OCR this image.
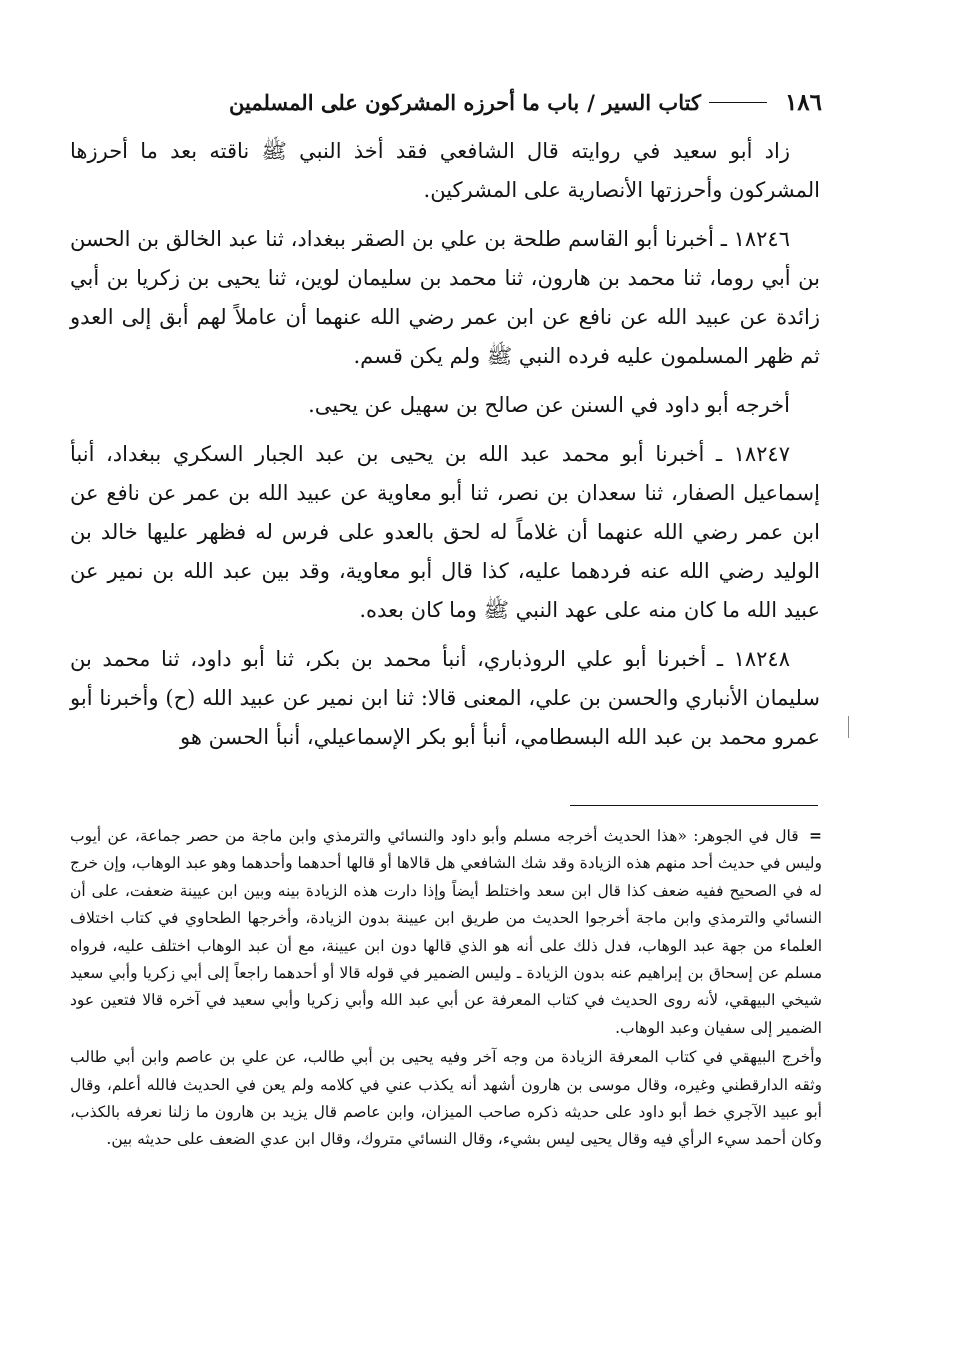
١٨٦
كتاب السير /
باب ما أحرزه المشركون على المسلمين

زاد أبو سعيد في روايته قال الشافعي فقد أخذ النبي ﷺ ناقته بعد ما أحرزها المشركون وأحرزتها الأنصارية على المشركين.

١٨٢٤٦ ـ أخبرنا أبو القاسم طلحة بن علي بن الصقر ببغداد، ثنا عبد الخالق بن الحسن بن أبي روما، ثنا محمد بن هارون، ثنا محمد بن سليمان لوين، ثنا يحيى بن زكريا بن أبي زائدة عن عبيد الله عن نافع عن ابن عمر رضي الله عنهما أن عاملاً لهم أبق إلى العدو ثم ظهر المسلمون عليه فرده النبي ﷺ ولم يكن قسم.

أخرجه أبو داود في السنن عن صالح بن سهيل عن يحيى.

١٨٢٤٧ ـ أخبرنا أبو محمد عبد الله بن يحيى بن عبد الجبار السكري ببغداد، أنبأ إسماعيل الصفار، ثنا سعدان بن نصر، ثنا أبو معاوية عن عبيد الله بن عمر عن نافع عن ابن عمر رضي الله عنهما أن غلاماً له لحق بالعدو على فرس له فظهر عليها خالد بن الوليد رضي الله عنه فردهما عليه، كذا قال أبو معاوية، وقد بين عبد الله بن نمير عن عبيد الله ما كان منه على عهد النبي ﷺ وما كان بعده.

١٨٢٤٨ ـ أخبرنا أبو علي الروذباري، أنبأ محمد بن بكر، ثنا أبو داود، ثنا محمد بن سليمان الأنباري والحسن بن علي، المعنى قالا: ثنا ابن نمير عن عبيد الله (ح) وأخبرنا أبو عمرو محمد بن عبد الله البسطامي، أنبأ أبو بكر الإسماعيلي، أنبأ الحسن هو

= قال في الجوهر: «هذا الحديث أخرجه مسلم وأبو داود والنسائي والترمذي وابن ماجة من حصر جماعة، عن أيوب وليس في حديث أحد منهم هذه الزيادة وقد شك الشافعي هل قالاها أو قالها أحدهما وأحدهما وهو عبد الوهاب، وإن خرج له في الصحيح ففيه ضعف كذا قال ابن سعد واختلط أيضاً وإذا دارت هذه الزيادة بينه وبين ابن عيينة ضعفت، على أن النسائي والترمذي وابن ماجة أخرجوا الحديث من طريق ابن عيينة بدون الزيادة، وأخرجها الطحاوي في كتاب اختلاف العلماء من جهة عبد الوهاب، فدل ذلك على أنه هو الذي قالها دون ابن عيينة، مع أن عبد الوهاب اختلف عليه، فرواه مسلم عن إسحاق بن إبراهيم عنه بدون الزيادة ـ وليس الضمير في قوله قالا أو أحدهما راجعاً إلى أبي زكريا وأبي سعيد شيخي البيهقي، لأنه روى الحديث في كتاب المعرفة عن أبي عبد الله وأبي زكريا وأبي سعيد في آخره قالا فتعين عود الضمير إلى سفيان وعبد الوهاب.

وأخرج البيهقي في كتاب المعرفة الزيادة من وجه آخر وفيه يحيى بن أبي طالب، عن علي بن عاصم وابن أبي طالب وثقه الدارقطني وغيره، وقال موسى بن هارون أشهد أنه يكذب عني في كلامه ولم يعن في الحديث فالله أعلم، وقال أبو عبيد الآجري خط أبو داود على حديثه ذكره صاحب الميزان، وابن عاصم قال يزيد بن هارون ما زلنا نعرفه بالكذب، وكان أحمد سيء الرأي فيه وقال يحيى ليس بشيء، وقال النسائي متروك، وقال ابن عدي الضعف على حديثه بين.
